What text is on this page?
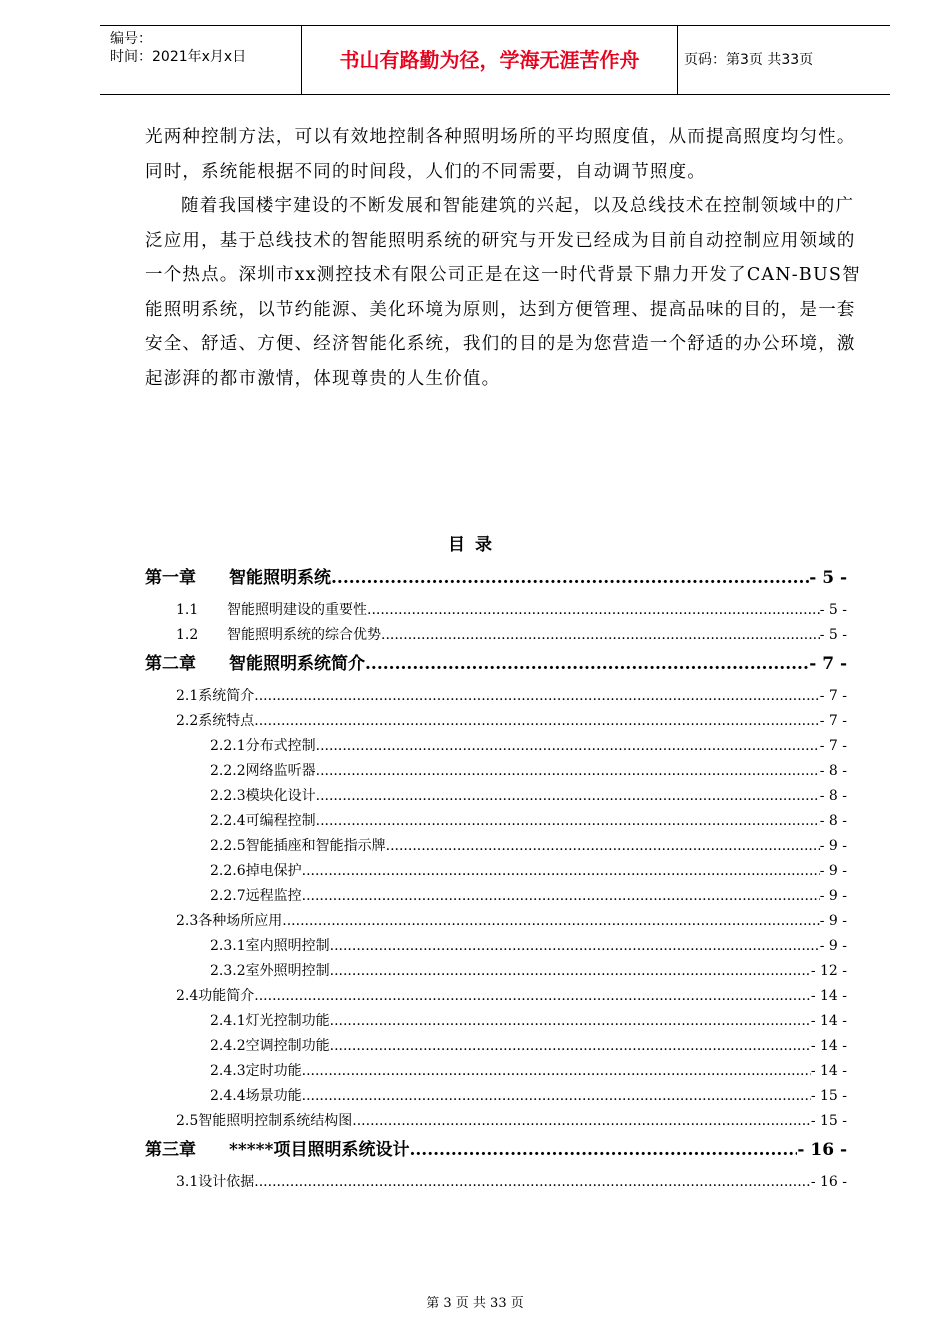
编号：
时间：2021年x月x日	书山有路勤为径，学海无涯苦作舟	页码：第3页 共33页

光两种控制方法，可以有效地控制各种照明场所的平均照度值，从而提高照度均匀性。同时，系统能根据不同的时间段，人们的不同需要，自动调节照度。

随着我国楼宇建设的不断发展和智能建筑的兴起，以及总线技术在控制领域中的广泛应用，基于总线技术的智能照明系统的研究与开发已经成为目前自动控制应用领域的一个热点。深圳市xx测控技术有限公司正是在这一时代背景下鼎力开发了CAN-BUS智能照明系统，以节约能源、美化环境为原则，达到方便管理、提高品味的目的，是一套安全、舒适、方便、经济智能化系统，我们的目的是为您营造一个舒适的办公环境，激起澎湃的都市激情，体现尊贵的人生价值。

目录
第一章 智能照明系统 .....	- 5 -
1.1 智能照明建设的重要性 .....	- 5 -
1.2 智能照明系统的综合优势 .....	- 5 -
第二章 智能照明系统简介 .....	- 7 -
2.1 系统简介 .....	- 7 -
2.2 系统特点 .....	- 7 -
2.2.1 分布式控制 .....	- 7 -
2.2.2 网络监听器 .....	- 8 -
2.2.3 模块化设计 .....	- 8 -
2.2.4 可编程控制 .....	- 8 -
2.2.5 智能插座和智能指示牌 .....	- 9 -
2.2.6 掉电保护 .....	- 9 -
2.2.7 远程监控 .....	- 9 -
2.3 各种场所应用 .....	- 9 -
2.3.1 室内照明控制 .....	- 9 -
2.3.2 室外照明控制 .....	- 12 -
2.4 功能简介 .....	- 14 -
2.4.1 灯光控制功能 .....	- 14 -
2.4.2 空调控制功能 .....	- 14 -
2.4.3 定时功能 .....	- 14 -
2.4.4 场景功能 .....	- 15 -
2.5 智能照明控制系统结构图 .....	- 15 -
第三章 *****项目照明系统设计 .....	- 16 -
3.1 设计依据 .....	- 16 -
第 3 页 共 33 页
